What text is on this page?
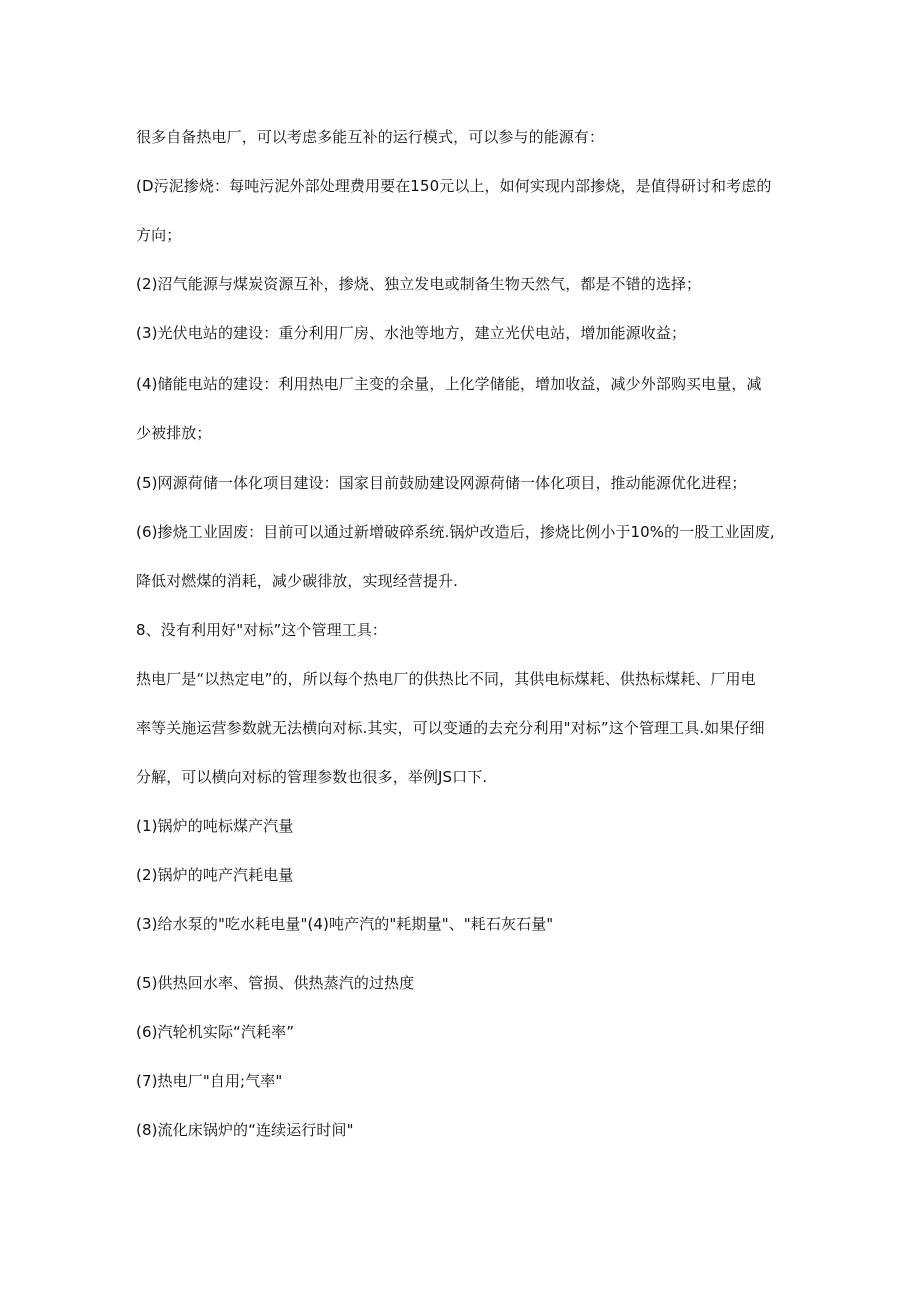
很多自备热电厂，可以考虑多能互补的运行模式，可以参与的能源有：
(D污泥掺烧：每吨污泥外部处理费用要在150元以上，如何实现内部掺烧，是值得研讨和考虑的
方向；
(2)沼气能源与煤炭资源互补，掺烧、独立发电或制备生物天然气，都是不错的选择；
(3)光伏电站的建设：重分利用厂房、水池等地方，建立光伏电站，增加能源收益；
(4)储能电站的建设：利用热电厂主变的余量，上化学储能，增加收益，减少外部购买电量，减
少被排放；
(5)网源荷储一体化项目建设：国家目前鼓励建设网源荷储一体化项目，推动能源优化进程；
(6)掺烧工业固废：目前可以通过新增破碎系统.锅炉改造后，掺烧比例小于10%的一股工业固废,
降低对燃煤的消耗，减少碳徘放，实现经营提升.
8、没有利用好"对标”这个管理工具：
热电厂是“以热定电”的，所以每个热电厂的供热比不同，其供电标煤耗、供热标煤耗、厂用电
率等关施运营参数就无法横向对标.其实，可以变通的去充分利用"对标”这个管理工具.如果仔细
分解，可以横向对标的管理参数也很多，举例JS口下.
(1)锅炉的吨标煤产汽量
(2)锅炉的吨产汽耗电量
(3)给水泵的"吃水耗电量"(4)吨产汽的"耗期量"、"耗石灰石量"
(5)供热回水率、管损、供热蒸汽的过热度
(6)汽轮机实际“汽耗率”
(7)热电厂"自用;气率"
(8)流化床锅炉的“连续运行时间"
